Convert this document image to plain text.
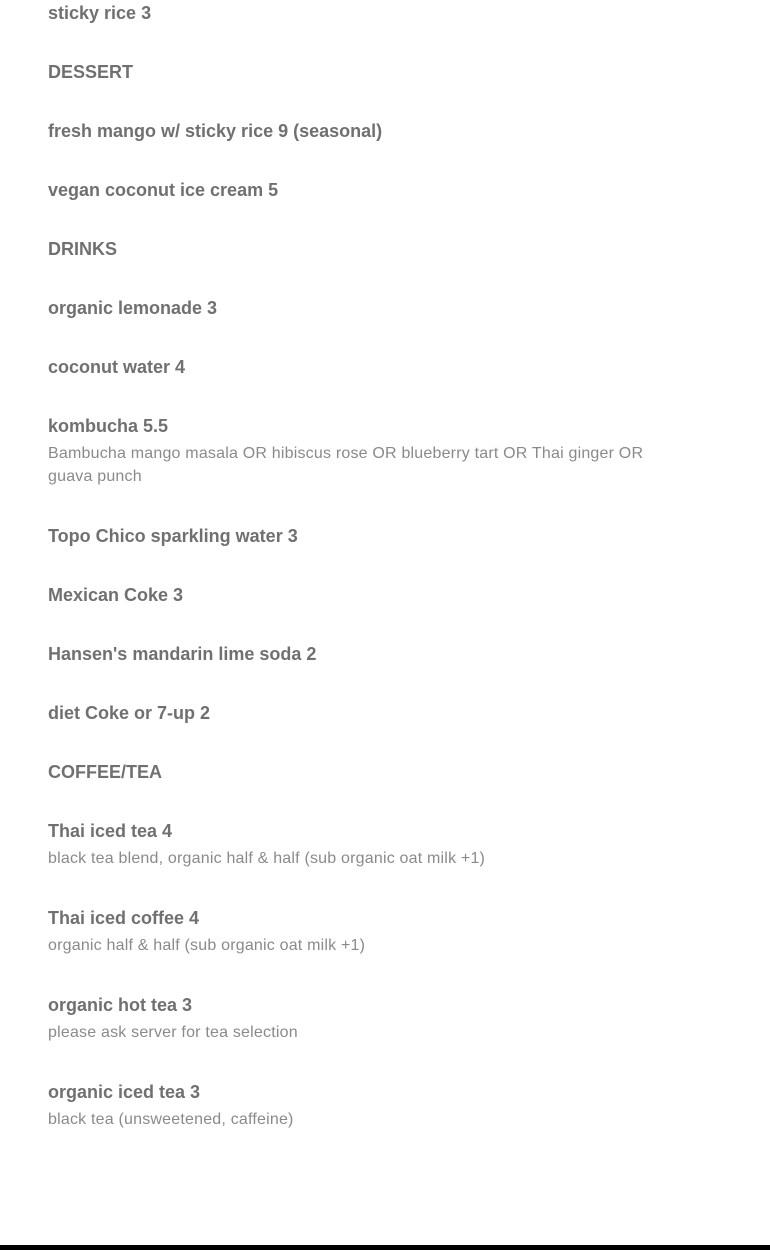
sticky rice 3
DESSERT
fresh mango w/ sticky rice 9 (seasonal)
vegan coconut ice cream 5
DRINKS
organic lemonade 3
coconut water 4
kombucha 5.5
Bambucha mango masala OR hibiscus rose OR blueberry tart OR Thai ginger OR guava punch
Topo Chico sparkling water 3
Mexican Coke 3
Hansen's mandarin lime soda 2
diet Coke or 7-up 2
COFFEE/TEA
Thai iced tea 4
black tea blend, organic half & half (sub organic oat milk +1)
Thai iced coffee 4
organic half & half (sub organic oat milk +1)
organic hot tea 3
please ask server for tea selection
organic iced tea 3
black tea (unsweetened, caffeine)
